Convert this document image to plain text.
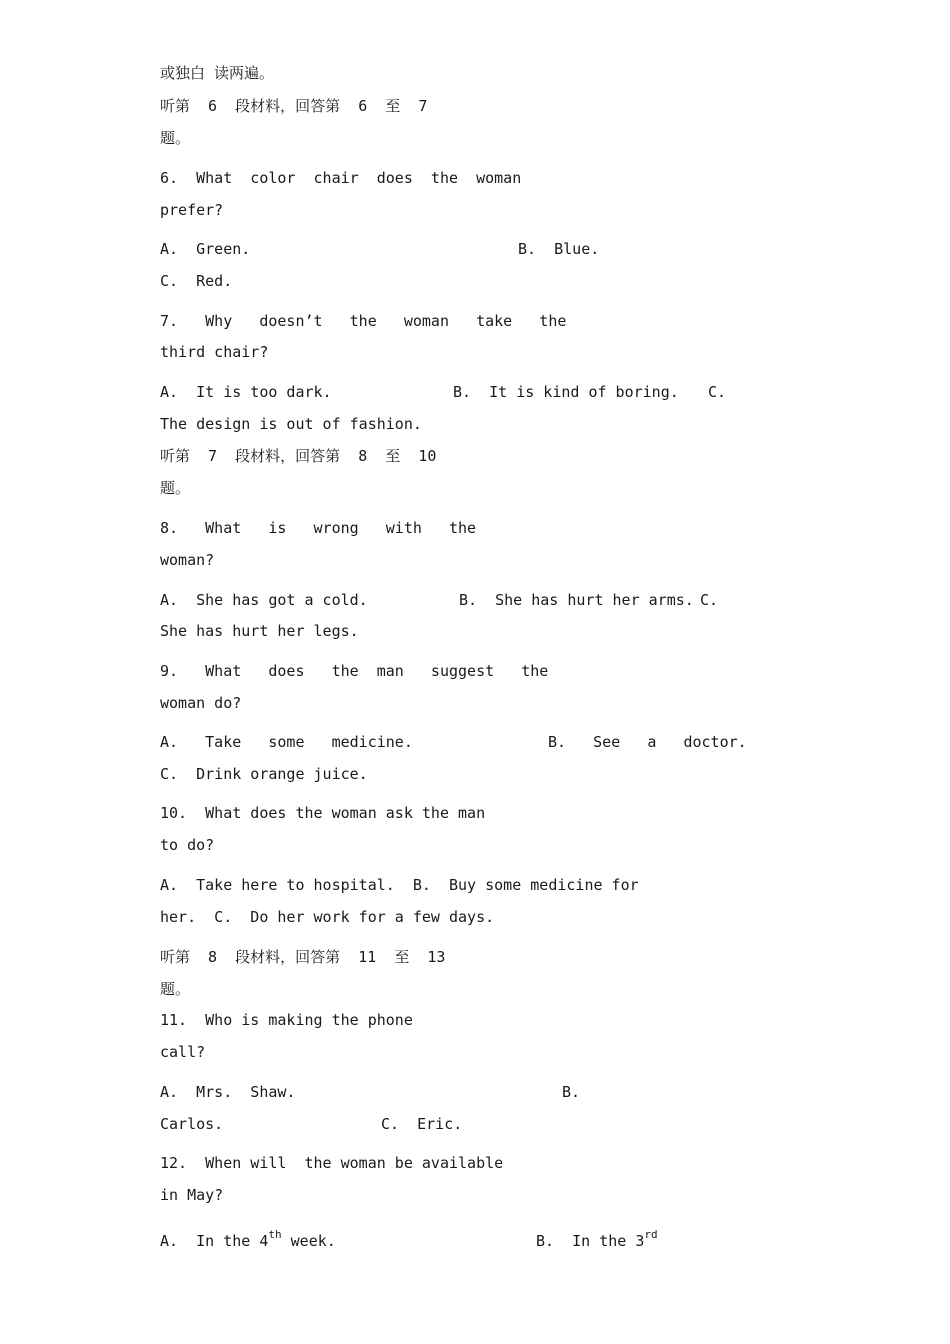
或独白 读两遍。
听第  6  段材料，回答第  6  至  7
题。
6.  What  color  chair  does  the  woman
prefer?
A.  Green.	B.  Blue.
C.  Red.
7.   Why   doesn’t   the   woman   take   the
third chair?
A.  It is too dark.	B.  It is kind of boring. C.
The design is out of fashion.
听第  7  段材料，回答第  8  至  10
题。
8.   What   is   wrong   with   the
woman?
A.  She has got a cold.	B.  She has hurt her arms. C.
She has hurt her legs.
9.   What   does   the  man   suggest   the
woman do?
A.   Take   some   medicine.	B.   See   a   doctor.
C.  Drink orange juice.
10.  What does the woman ask the man
to do?
A.  Take here to hospital.  B.  Buy some medicine for
her.  C.  Do her work for a few days.
听第  8  段材料，回答第  11  至  13
题。
11.  Who is making the phone
call?
A.  Mrs.  Shaw.	B.
Carlos.	C.  Eric.
12.  When will  the woman be available
in May?
A.  In the 4th week.	B.  In the 3rd
